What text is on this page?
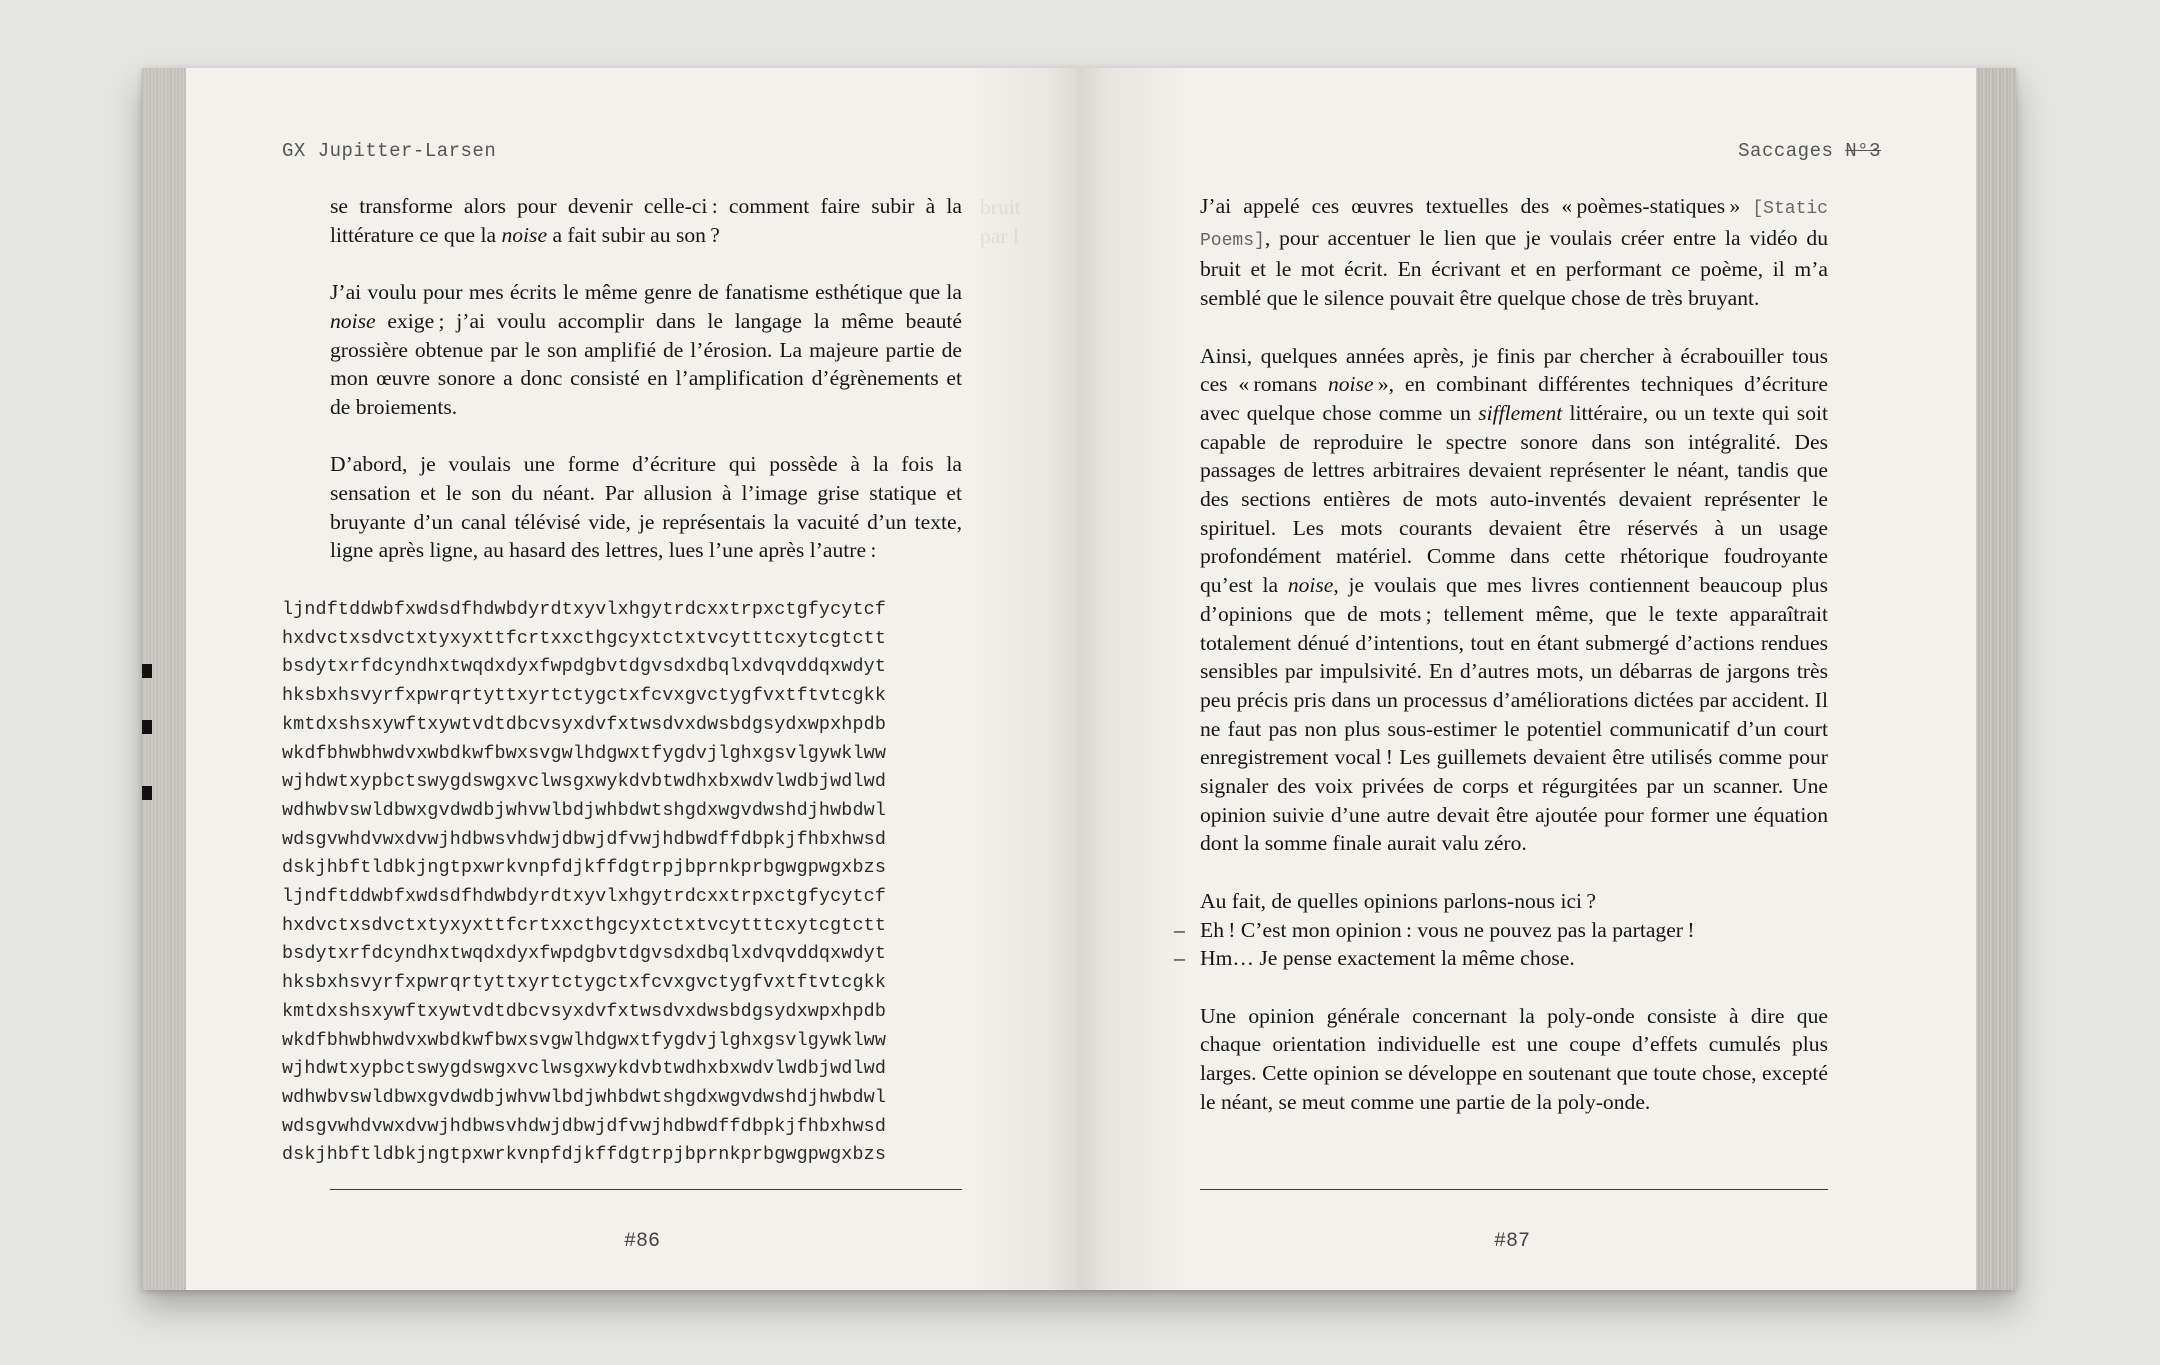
GX Jupitter-Larsen
bruit
par l

se transforme alors pour devenir celle-ci : comment faire subir à la littérature ce que la noise a fait subir au son ?

J’ai voulu pour mes écrits le même genre de fanatisme esthétique que la noise exige ; j’ai voulu accomplir dans le langage la même beauté grossière obtenue par le son amplifié de l’érosion. La majeure partie de mon œuvre sonore a donc consisté en l’amplification d’égrènements et de broiements.

D’abord, je voulais une forme d’écriture qui possède à la fois la sensation et le son du néant. Par allusion à l’image grise statique et bruyante d’un canal télévisé vide, je représentais la vacuité d’un texte, ligne après ligne, au hasard des lettres, lues l’une après l’autre :

ljndftddwbfxwdsdfhdwbdyrdtxyvlxhgytrdcxxtrpxctgfycytcf
hxdvctxsdvctxtyxyxttfcrtxxcthgcyxtctxtvcytttcxytcgtctt
bsdytxrfdcyndhxtwqdxdyxfwpdgbvtdgvsdxdbqlxdvqvddqxwdyt
hksbxhsvyrfxpwrqrtyttxyrtctygctxfcvxgvctygfvxtftvtcgkk
kmtdxshsxywftxywtvdtdbcvsyxdvfxtwsdvxdwsbdgsydxwpxhpdb
wkdfbhwbhwdvxwbdkwfbwxsvgwlhdgwxtfygdvjlghxgsvlgywklww
wjhdwtxypbctswygdswgxvclwsgxwykdvbtwdhxbxwdvlwdbjwdlwd
wdhwbvswldbwxgvdwdbjwhvwlbdjwhbdwtshgdxwgvdwshdjhwbdwl
wdsgvwhdvwxdvwjhdbwsvhdwjdbwjdfvwjhdbwdffdbpkjfhbxhwsd
dskjhbftldbkjngtpxwrkvnpfdjkffdgtrpjbprnkprbgwgpwgxbzs
ljndftddwbfxwdsdfhdwbdyrdtxyvlxhgytrdcxxtrpxctgfycytcf
hxdvctxsdvctxtyxyxttfcrtxxcthgcyxtctxtvcytttcxytcgtctt
bsdytxrfdcyndhxtwqdxdyxfwpdgbvtdgvsdxdbqlxdvqvddqxwdyt
hksbxhsvyrfxpwrqrtyttxyrtctygctxfcvxgvctygfvxtftvtcgkk
kmtdxshsxywftxywtvdtdbcvsyxdvfxtwsdvxdwsbdgsydxwpxhpdb
wkdfbhwbhwdvxwbdkwfbwxsvgwlhdgwxtfygdvjlghxgsvlgywklww
wjhdwtxypbctswygdswgxvclwsgxwykdvbtwdhxbxwdvlwdbjwdlwd
wdhwbvswldbwxgvdwdbjwhvwlbdjwhbdwtshgdxwgvdwshdjhwbdwl
wdsgvwhdvwxdvwjhdbwsvhdwjdbwjdfvwjhdbwdffdbpkjfhbxhwsd
dskjhbftldbkjngtpxwrkvnpfdjkffdgtrpjbprnkprbgwgpwgxbzs
#86
Saccages N°3

J’ai appelé ces œuvres textuelles des « poèmes-statiques » [Static Poems], pour accentuer le lien que je voulais créer entre la vidéo du bruit et le mot écrit. En écrivant et en performant ce poème, il m’a semblé que le silence pouvait être quelque chose de très bruyant.

Ainsi, quelques années après, je finis par chercher à écrabouiller tous ces « romans noise », en combinant différentes techniques d’écriture avec quelque chose comme un sifflement littéraire, ou un texte qui soit capable de reproduire le spectre sonore dans son intégralité. Des passages de lettres arbitraires devaient représenter le néant, tandis que des sections entières de mots auto-inventés devaient représenter le spirituel. Les mots courants devaient être réservés à un usage profondément matériel. Comme dans cette rhétorique foudroyante qu’est la noise, je voulais que mes livres contiennent beaucoup plus d’opinions que de mots ; tellement même, que le texte apparaîtrait totalement dénué d’intentions, tout en étant submergé d’actions rendues sensibles par impulsivité. En d’autres mots, un débarras de jargons très peu précis pris dans un processus d’améliorations dictées par accident. Il ne faut pas non plus sous-estimer le potentiel communicatif d’un court enregistrement vocal ! Les guillemets devaient être utilisés comme pour signaler des voix privées de corps et régurgitées par un scanner. Une opinion suivie d’une autre devait être ajoutée pour former une équation dont la somme finale aurait valu zéro.

Au fait, de quelles opinions parlons-nous ici ?

– Eh ! C’est mon opinion : vous ne pouvez pas la partager !

– Hm… Je pense exactement la même chose.

Une opinion générale concernant la poly-onde consiste à dire que chaque orientation individuelle est une coupe d’effets cumulés plus larges. Cette opinion se développe en soutenant que toute chose, excepté le néant, se meut comme une partie de la poly-onde.

#87
